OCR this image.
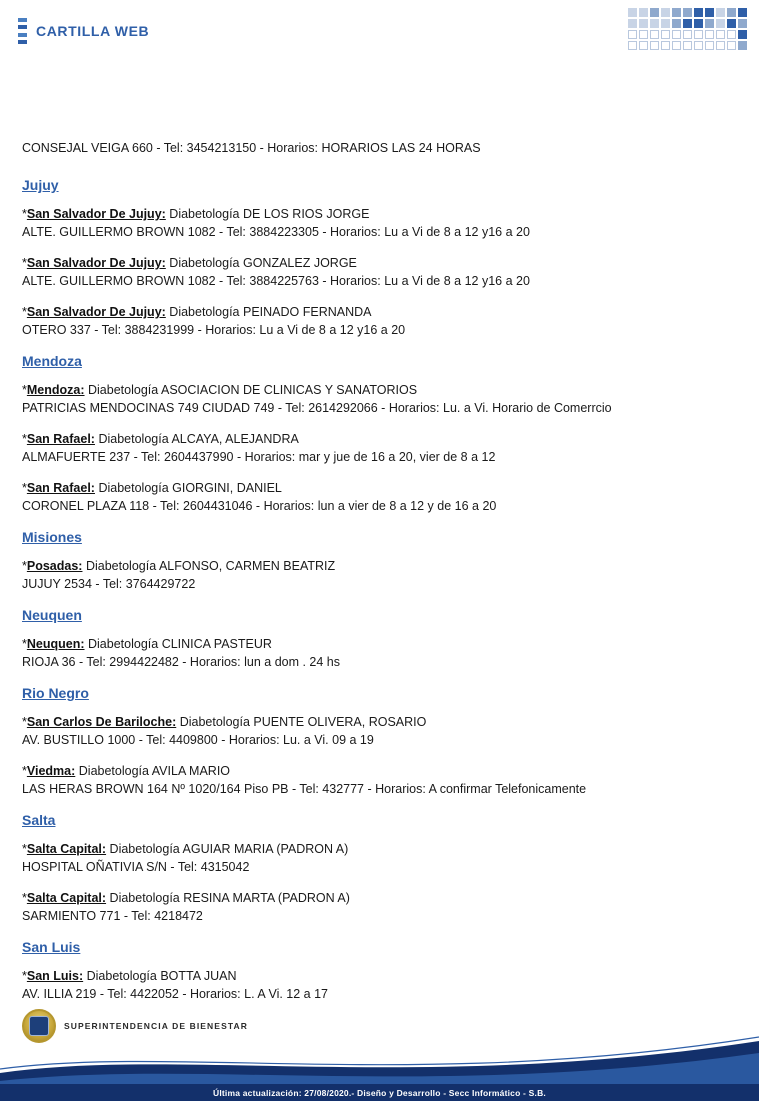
CARTILLA WEB
CONSEJAL VEIGA 660 - Tel: 3454213150 - Horarios: HORARIOS LAS 24 HORAS
Jujuy
*San Salvador De Jujuy: Diabetología DE LOS RIOS JORGE
ALTE. GUILLERMO BROWN 1082 - Tel: 3884223305 - Horarios: Lu a Vi de 8 a 12 y16 a 20
*San Salvador De Jujuy: Diabetología GONZALEZ JORGE
ALTE. GUILLERMO BROWN 1082 - Tel: 3884225763 - Horarios: Lu a Vi de 8 a 12 y16 a 20
*San Salvador De Jujuy: Diabetología PEINADO FERNANDA
OTERO 337 - Tel: 3884231999 - Horarios: Lu a Vi de 8 a 12 y16 a 20
Mendoza
*Mendoza: Diabetología ASOCIACION DE CLINICAS Y SANATORIOS
PATRICIAS MENDOCINAS 749 CIUDAD 749 - Tel: 2614292066 - Horarios: Lu. a Vi. Horario de Comerrcio
*San Rafael: Diabetología ALCAYA, ALEJANDRA
ALMAFUERTE 237 - Tel: 2604437990 - Horarios: mar y jue de 16 a 20, vier de 8 a 12
*San Rafael: Diabetología GIORGINI, DANIEL
CORONEL PLAZA 118 - Tel: 2604431046 - Horarios: lun a vier de 8 a 12 y de 16 a 20
Misiones
*Posadas: Diabetología ALFONSO, CARMEN BEATRIZ
JUJUY 2534 - Tel: 3764429722
Neuquen
*Neuquen: Diabetología CLINICA PASTEUR
RIOJA 36 - Tel: 2994422482 - Horarios: lun a dom . 24 hs
Rio Negro
*San Carlos De Bariloche: Diabetología PUENTE OLIVERA, ROSARIO
AV. BUSTILLO 1000 - Tel: 4409800 - Horarios: Lu. a Vi. 09 a 19
*Viedma: Diabetología AVILA MARIO
LAS HERAS BROWN 164 Nº 1020/164 Piso PB - Tel: 432777 - Horarios: A confirmar Telefonicamente
Salta
*Salta Capital: Diabetología AGUIAR MARIA (PADRON A)
HOSPITAL OÑATIVIA S/N - Tel: 4315042
*Salta Capital: Diabetología RESINA MARTA (PADRON A)
SARMIENTO 771 - Tel: 4218472
San Luis
*San Luis: Diabetología BOTTA JUAN
AV. ILLIA 219 - Tel: 4422052 - Horarios: L. A Vi. 12 a 17
SUPERINTENDENCIA DE BIENESTAR
Última actualización: 27/08/2020.- Diseño y Desarrollo - Secc Informático - S.B.
